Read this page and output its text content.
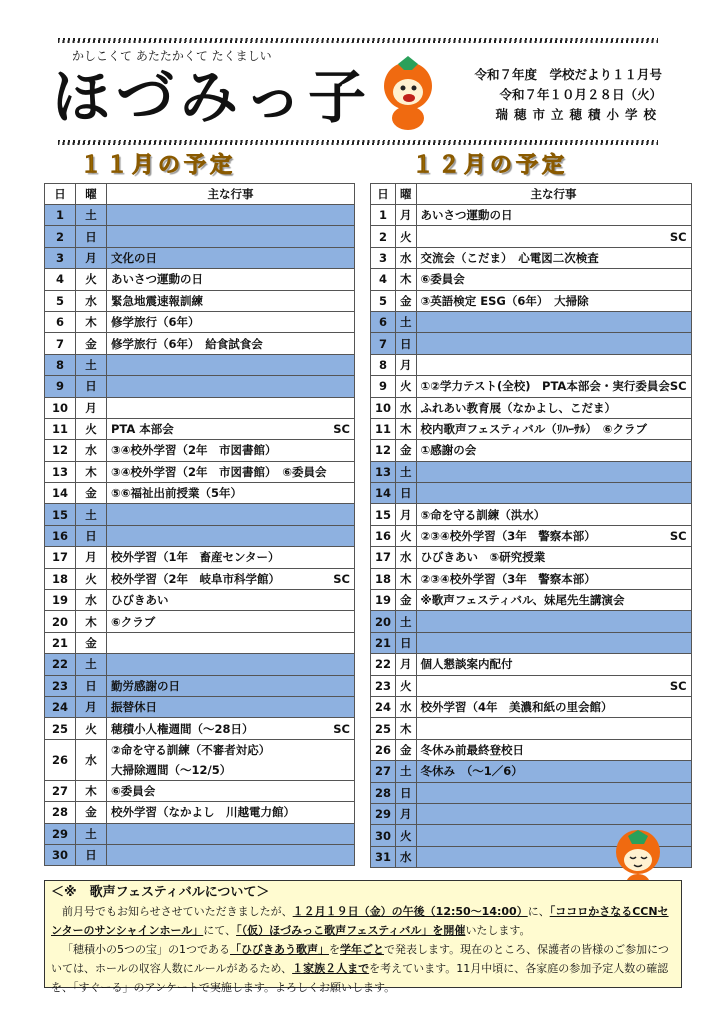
かしこくて あたたかくて たくましい
ほづみっ子	令和７年度　学校だより１１月号
令和７年１０月２８日（火）
瑞穂市立穂積小学校
１１月の予定	１２月の予定
日	曜	主な行事
1	土	

2	日	

3	月	文化の日

4	火	あいさつ運動の日

5	水	緊急地震速報訓練

6	木	修学旅行（6年）

7	金	修学旅行（6年）　給食試食会

8	土	

9	日	

10	月	

11	火	PTA 本部会 SC

12	水	③④校外学習（2年　市図書館）

13	木	③④校外学習（2年　市図書館）　⑥委員会

14	金	⑤⑥福祉出前授業（5年）

15	土	

16	日	

17	月	校外学習（1年　畜産センター）

18	火	校外学習（2年　岐阜市科学館） SC

19	水	ひびきあい

20	木	⑥クラブ

21	金	

22	土	

23	日	勤労感謝の日

24	月	振替休日

25	火	穂積小人権週間（～28日） SC

26	水	②命を守る訓練（不審者対応）
大掃除週間（～12/5）

27	木	⑥委員会

28	金	校外学習（なかよし　川越電力館）

29	土	

30	日	
日	曜	主な行事
1	月	あいさつ運動の日

2	火	SC

3	水	交流会（こだま）　心電図二次検査

4	木	⑥委員会

5	金	③英語検定 ESG（6年）　大掃除

6	土	

7	日	

8	月	

9	火	①②学力テスト(全校)　PTA本部会・実行委員会 SC

10	水	ふれあい教育展（なかよし、こだま）

11	木	校内歌声フェスティバル（ﾘﾊｰｻﾙ）　⑥クラブ

12	金	①感謝の会

13	土	

14	日	

15	月	⑤命を守る訓練（洪水）

16	火	②③④校外学習（3年　警察本部） SC

17	水	ひびきあい　⑤研究授業

18	木	②③④校外学習（3年　警察本部）

19	金	※歌声フェスティバル、妹尾先生講演会

20	土	

21	日	

22	月	個人懇談案内配付

23	火	SC

24	水	校外学習（4年　美濃和紙の里会館）

25	木	

26	金	冬休み前最終登校日

27	土	冬休み　（～1／6）

28	日	

29	月	

30	火	

31	水	
＜※　歌声フェスティバルについて＞

前月号でもお知らせさせていただきましたが、１２月１９日（金）の午後（12:50～14:00）に、「ココロかさなるCCNセンターのサンシャインホール」にて、「（仮）ほづみっこ歌声フェスティバル」を開催いたします。

「穂積小の5つの宝」の1つである「ひびきあう歌声」を学年ごとで発表します。現在のところ、保護者の皆様のご参加については、ホールの収容人数にルールがあるため、１家族２人までを考えています。11月中頃に、各家庭の参加予定人数の確認を、「すぐーる」のアンケートで実施します。よろしくお願いします。
